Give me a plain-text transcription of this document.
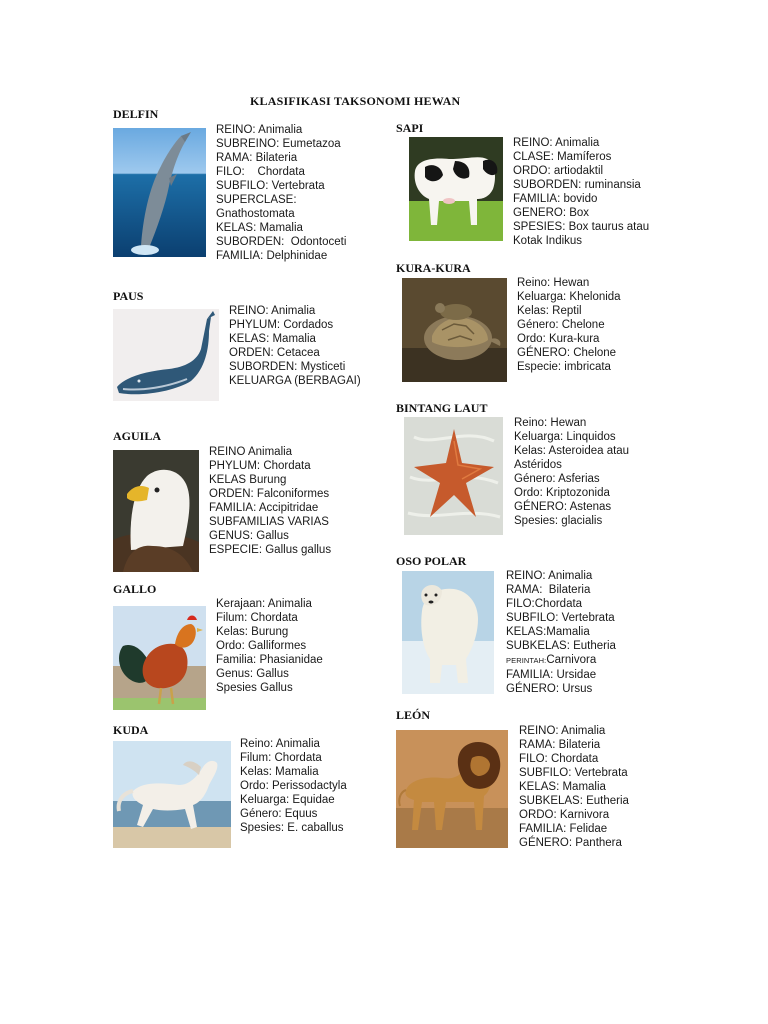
KLASIFIKASI TAKSONOMI HEWAN
DELFIN
REINO: Animalia
SUBREINO: Eumetazoa
RAMA: Bilateria
FILO:    Chordata
SUBFILO: Vertebrata
SUPERCLASE:
Gnathostomata
KELAS: Mamalia
SUBORDEN:  Odontoceti
FAMILIA: Delphinidae
PAUS
REINO: Animalia
PHYLUM: Cordados
KELAS: Mamalia
ORDEN: Cetacea
SUBORDEN: Mysticeti
KELUARGA (BERBAGAI)
AGUILA
REINO Animalia
PHYLUM: Chordata
KELAS Burung
ORDEN: Falconiformes
FAMILIA: Accipitridae
SUBFAMILIAS VARIAS
GENUS: Gallus
ESPECIE: Gallus gallus
GALLO
Kerajaan: Animalia
Filum: Chordata
Kelas: Burung
Ordo: Galliformes
Familia: Phasianidae
Genus: Gallus
Spesies Gallus
KUDA
Reino: Animalia
Filum: Chordata
Kelas: Mamalia
Ordo: Perissodactyla
Keluarga: Equidae
Género: Equus
Spesies: E. caballus
SAPI
REINO: Animalia
CLASE: Mamíferos
ORDO: artiodaktil
SUBORDEN: ruminansia
FAMILIA: bovido
GENERO: Box
SPESIES: Box taurus atau
Kotak Indikus
KURA-KURA
Reino: Hewan
Keluarga: Khelonida
Kelas: Reptil
Género: Chelone
Ordo: Kura-kura
GÉNERO: Chelone
Especie: imbricata
BINTANG LAUT
Reino: Hewan
Keluarga: Linquidos
Kelas: Asteroidea atau
Astéridos
Género: Asferias
Ordo: Kriptozonida
GÉNERO: Astenas
Spesies: glacialis
OSO POLAR
REINO: Animalia
RAMA:  Bilateria
FILO:Chordata
SUBFILO: Vertebrata
KELAS:Mamalia
SUBKELAS: Eutheria
PERINTAH:Carnivora
FAMILIA: Ursidae
GÉNERO: Ursus
LEÓN
REINO: Animalia
RAMA: Bilateria
FILO: Chordata
SUBFILO: Vertebrata
KELAS: Mamalia
SUBKELAS: Eutheria
ORDO: Karnivora
FAMILIA: Felidae
GÉNERO: Panthera
